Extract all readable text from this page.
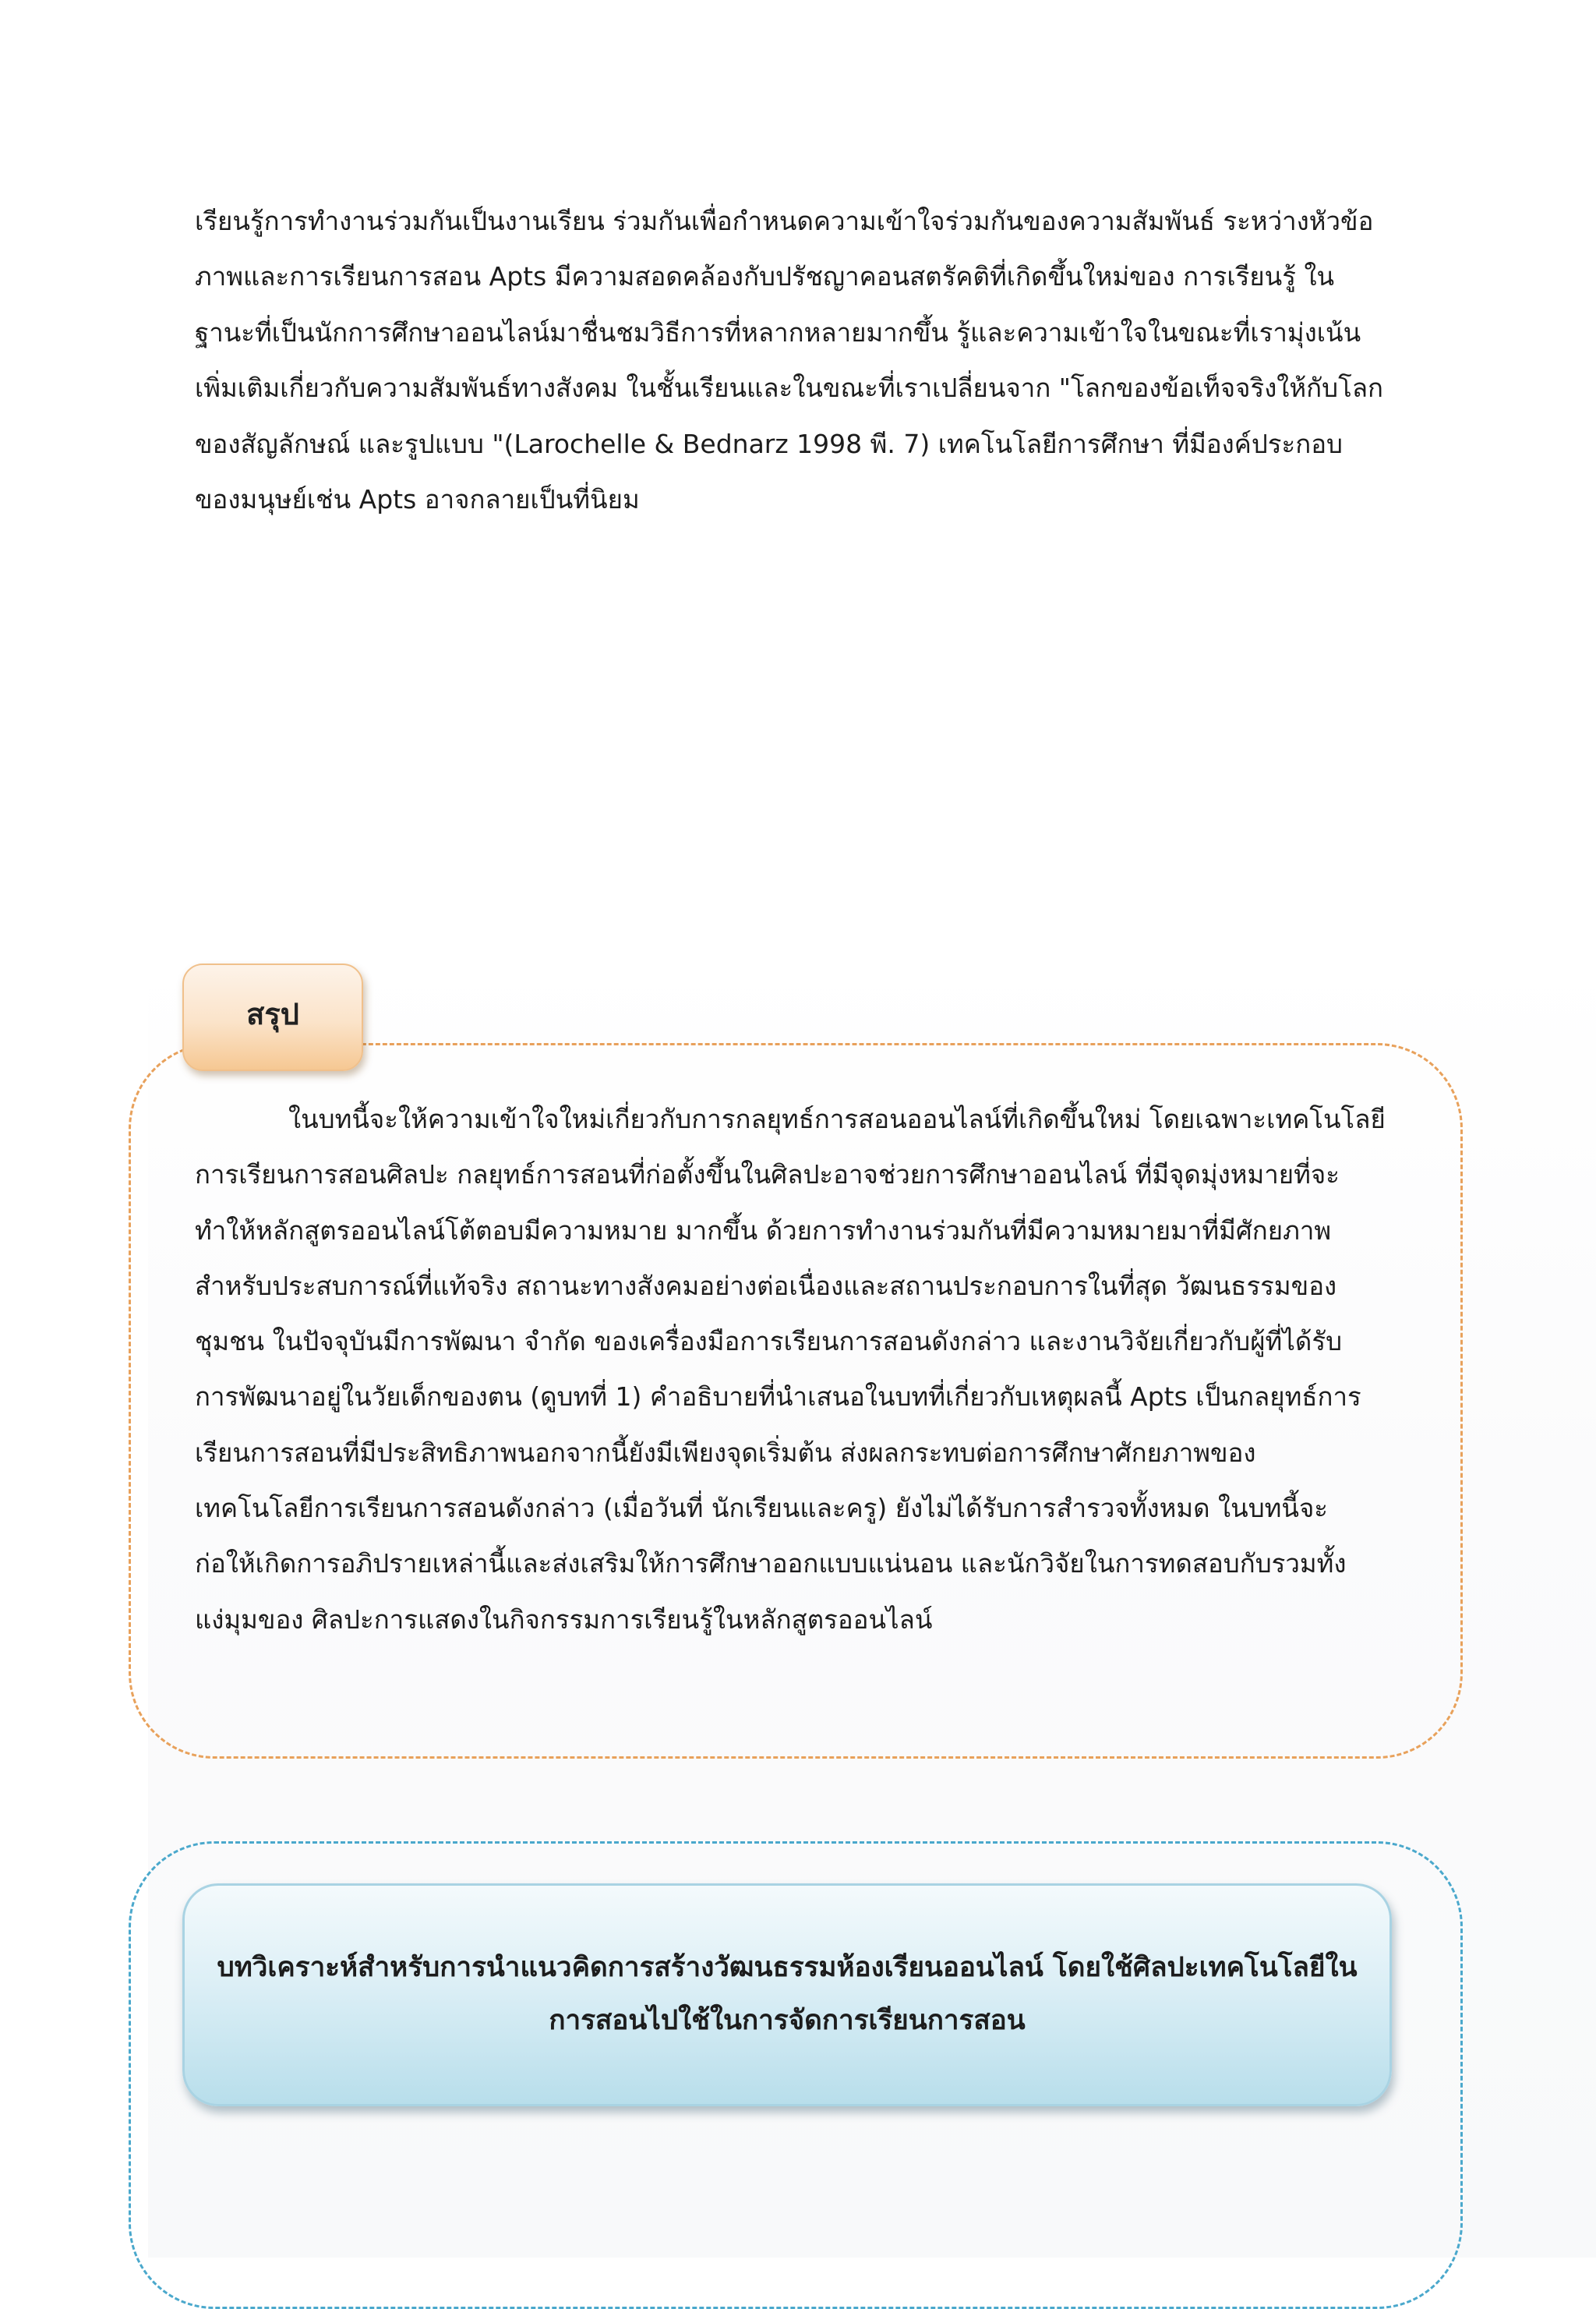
เรียนรู้การทำงานร่วมกันเป็นงานเรียน ร่วมกันเพื่อกำหนดความเข้าใจร่วมกันของความสัมพันธ์ ระหว่างหัวข้อ
ภาพและการเรียนการสอน Apts มีความสอดคล้องกับปรัชญาคอนสตรัคติที่เกิดขึ้นใหม่ของ การเรียนรู้ ใน
ฐานะที่เป็นนักการศึกษาออนไลน์มาชื่นชมวิธีการที่หลากหลายมากขึ้น รู้และความเข้าใจในขณะที่เรามุ่งเน้น
เพิ่มเติมเกี่ยวกับความสัมพันธ์ทางสังคม ในชั้นเรียนและในขณะที่เราเปลี่ยนจาก "โลกของข้อเท็จจริงให้กับโลก
ของสัญลักษณ์ และรูปแบบ "(Larochelle & Bednarz 1998 พี. 7) เทคโนโลยีการศึกษา ที่มีองค์ประกอบ
ของมนุษย์เช่น Apts อาจกลายเป็นที่นิยม
สรุป
ในบทนี้จะให้ความเข้าใจใหม่เกี่ยวกับการกลยุทธ์การสอนออนไลน์ที่เกิดขึ้นใหม่ โดยเฉพาะเทคโนโลยี
การเรียนการสอนศิลปะ กลยุทธ์การสอนที่ก่อตั้งขึ้นในศิลปะอาจช่วยการศึกษาออนไลน์ ที่มีจุดมุ่งหมายที่จะ
ทำให้หลักสูตรออนไลน์โต้ตอบมีความหมาย มากขึ้น ด้วยการทำงานร่วมกันที่มีความหมายมาที่มีศักยภาพ
สำหรับประสบการณ์ที่แท้จริง สถานะทางสังคมอย่างต่อเนื่องและสถานประกอบการในที่สุด วัฒนธรรมของ
ชุมชน ในปัจจุบันมีการพัฒนา จำกัด ของเครื่องมือการเรียนการสอนดังกล่าว และงานวิจัยเกี่ยวกับผู้ที่ได้รับ
การพัฒนาอยู่ในวัยเด็กของตน (ดูบทที่ 1) คำอธิบายที่นำเสนอในบทที่เกี่ยวกับเหตุผลนี้ Apts เป็นกลยุทธ์การ
เรียนการสอนที่มีประสิทธิภาพนอกจากนี้ยังมีเพียงจุดเริ่มต้น ส่งผลกระทบต่อการศึกษาศักยภาพของ
เทคโนโลยีการเรียนการสอนดังกล่าว (เมื่อวันที่ นักเรียนและครู) ยังไม่ได้รับการสำรวจทั้งหมด ในบทนี้จะ
ก่อให้เกิดการอภิปรายเหล่านี้และส่งเสริมให้การศึกษาออกแบบแน่นอน และนักวิจัยในการทดสอบกับรวมทั้ง
แง่มุมของ ศิลปะการแสดงในกิจกรรมการเรียนรู้ในหลักสูตรออนไลน์
บทวิเคราะห์สำหรับการนำแนวคิดการสร้างวัฒนธรรมห้องเรียนออนไลน์ โดยใช้ศิลปะเทคโนโลยีใน
การสอนไปใช้ในการจัดการเรียนการสอน
